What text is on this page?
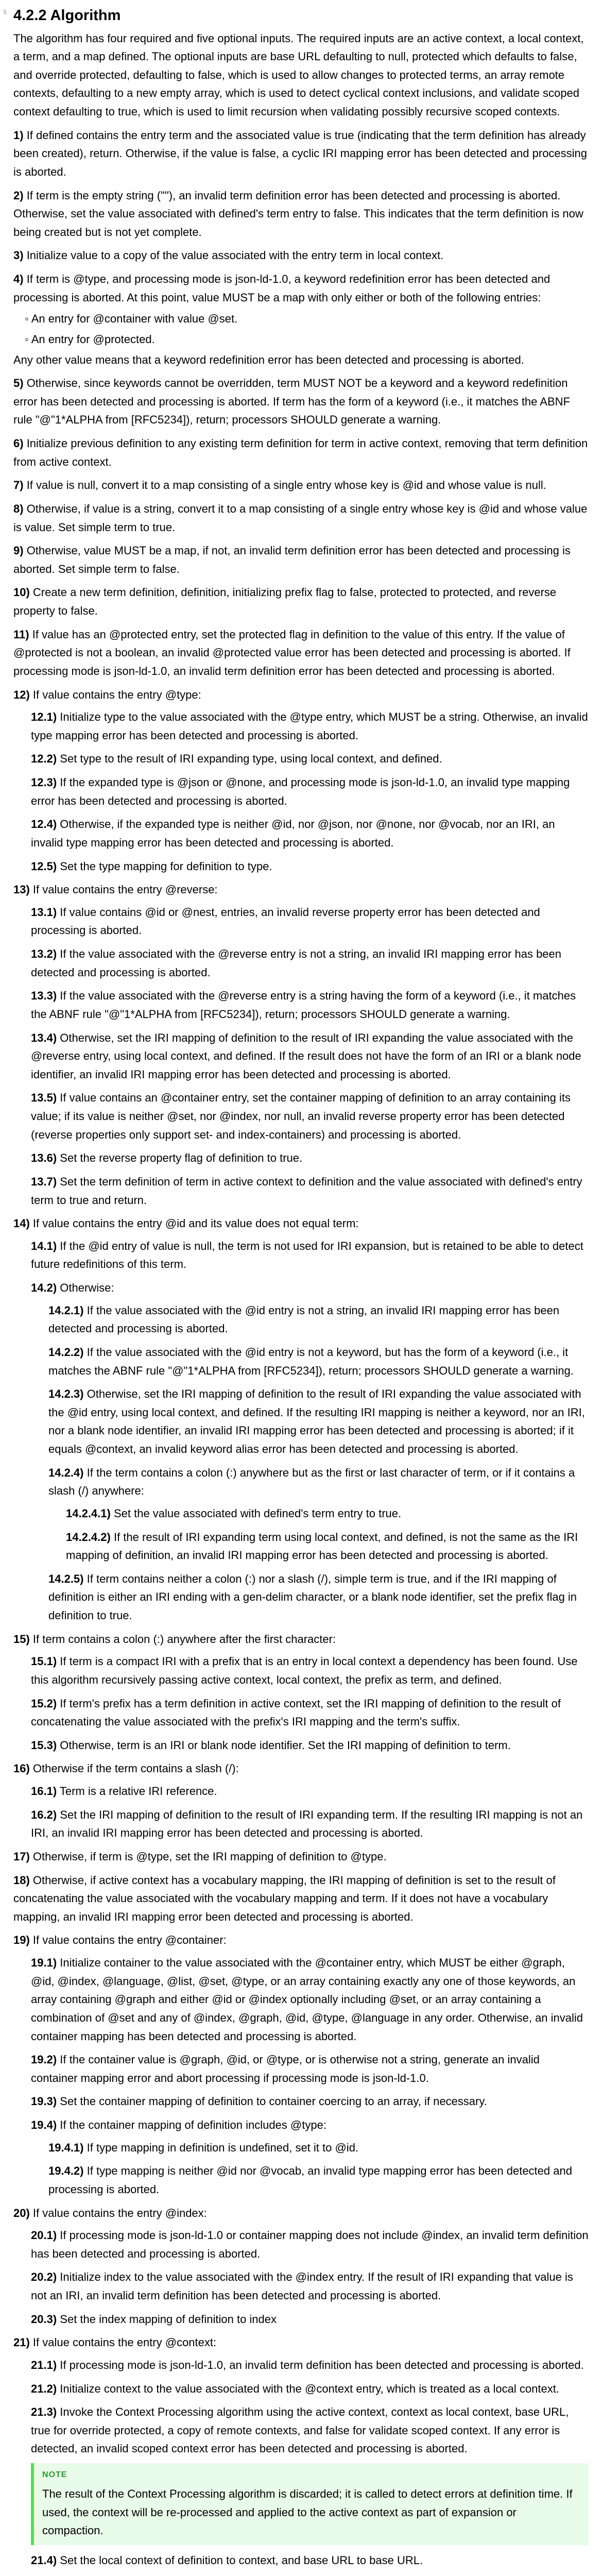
§ 4.2.2 Algorithm

The algorithm has four required and five optional inputs. The required inputs are an active context, a local context, a term, and a map defined. The optional inputs are base URL defaulting to null, protected which defaults to false, and override protected, defaulting to false, which is used to allow changes to protected terms, an array remote contexts, defaulting to a new empty array, which is used to detect cyclical context inclusions, and validate scoped context defaulting to true, which is used to limit recursion when validating possibly recursive scoped contexts.

1) If defined contains the entry term and the associated value is true (indicating that the term definition has already been created), return. Otherwise, if the value is false, a cyclic IRI mapping error has been detected and processing is aborted.
2) If term is the empty string (""), an invalid term definition error has been detected and processing is aborted. Otherwise, set the value associated with defined's term entry to false. This indicates that the term definition is now being created but is not yet complete.
3) Initialize value to a copy of the value associated with the entry term in local context.
4) If term is @type, and processing mode is json-ld-1.0, a keyword redefinition error has been detected and processing is aborted. At this point, value MUST be a map with only either or both of the following entries:
◦ An entry for @container with value @set.
◦ An entry for @protected.

Any other value means that a keyword redefinition error has been detected and processing is aborted.

5) Otherwise, since keywords cannot be overridden, term MUST NOT be a keyword and a keyword redefinition error has been detected and processing is aborted. If term has the form of a keyword (i.e., it matches the ABNF rule "@"1*ALPHA from [RFC5234]), return; processors SHOULD generate a warning.
6) Initialize previous definition to any existing term definition for term in active context, removing that term definition from active context.
7) If value is null, convert it to a map consisting of a single entry whose key is @id and whose value is null.
8) Otherwise, if value is a string, convert it to a map consisting of a single entry whose key is @id and whose value is value. Set simple term to true.
9) Otherwise, value MUST be a map, if not, an invalid term definition error has been detected and processing is aborted. Set simple term to false.
10) Create a new term definition, definition, initializing prefix flag to false, protected to protected, and reverse property to false.
11) If value has an @protected entry, set the protected flag in definition to the value of this entry. If the value of @protected is not a boolean, an invalid @protected value error has been detected and processing is aborted. If processing mode is json-ld-1.0, an invalid term definition error has been detected and processing is aborted.
12) If value contains the entry @type:
12.1) Initialize type to the value associated with the @type entry, which MUST be a string. Otherwise, an invalid type mapping error has been detected and processing is aborted.
12.2) Set type to the result of IRI expanding type, using local context, and defined.
12.3) If the expanded type is @json or @none, and processing mode is json-ld-1.0, an invalid type mapping error has been detected and processing is aborted.
12.4) Otherwise, if the expanded type is neither @id, nor @json, nor @none, nor @vocab, nor an IRI, an invalid type mapping error has been detected and processing is aborted.
12.5) Set the type mapping for definition to type.
13) If value contains the entry @reverse:
13.1) If value contains @id or @nest, entries, an invalid reverse property error has been detected and processing is aborted.
13.2) If the value associated with the @reverse entry is not a string, an invalid IRI mapping error has been detected and processing is aborted.
13.3) If the value associated with the @reverse entry is a string having the form of a keyword (i.e., it matches the ABNF rule "@"1*ALPHA from [RFC5234]), return; processors SHOULD generate a warning.
13.4) Otherwise, set the IRI mapping of definition to the result of IRI expanding the value associated with the @reverse entry, using local context, and defined. If the result does not have the form of an IRI or a blank node identifier, an invalid IRI mapping error has been detected and processing is aborted.
13.5) If value contains an @container entry, set the container mapping of definition to an array containing its value; if its value is neither @set, nor @index, nor null, an invalid reverse property error has been detected (reverse properties only support set- and index-containers) and processing is aborted.
13.6) Set the reverse property flag of definition to true.
13.7) Set the term definition of term in active context to definition and the value associated with defined's entry term to true and return.
14) If value contains the entry @id and its value does not equal term:
14.1) If the @id entry of value is null, the term is not used for IRI expansion, but is retained to be able to detect future redefinitions of this term.
14.2) Otherwise:
14.2.1) If the value associated with the @id entry is not a string, an invalid IRI mapping error has been detected and processing is aborted.
14.2.2) If the value associated with the @id entry is not a keyword, but has the form of a keyword (i.e., it matches the ABNF rule "@"1*ALPHA from [RFC5234]), return; processors SHOULD generate a warning.
14.2.3) Otherwise, set the IRI mapping of definition to the result of IRI expanding the value associated with the @id entry, using local context, and defined. If the resulting IRI mapping is neither a keyword, nor an IRI, nor a blank node identifier, an invalid IRI mapping error has been detected and processing is aborted; if it equals @context, an invalid keyword alias error has been detected and processing is aborted.
14.2.4) If the term contains a colon (:) anywhere but as the first or last character of term, or if it contains a slash (/) anywhere:
14.2.4.1) Set the value associated with defined's term entry to true.
14.2.4.2) If the result of IRI expanding term using local context, and defined, is not the same as the IRI mapping of definition, an invalid IRI mapping error has been detected and processing is aborted.
14.2.5) If term contains neither a colon (:) nor a slash (/), simple term is true, and if the IRI mapping of definition is either an IRI ending with a gen-delim character, or a blank node identifier, set the prefix flag in definition to true.
15) If term contains a colon (:) anywhere after the first character:
15.1) If term is a compact IRI with a prefix that is an entry in local context a dependency has been found. Use this algorithm recursively passing active context, local context, the prefix as term, and defined.
15.2) If term's prefix has a term definition in active context, set the IRI mapping of definition to the result of concatenating the value associated with the prefix's IRI mapping and the term's suffix.
15.3) Otherwise, term is an IRI or blank node identifier. Set the IRI mapping of definition to term.
16) Otherwise if the term contains a slash (/):
16.1) Term is a relative IRI reference.
16.2) Set the IRI mapping of definition to the result of IRI expanding term. If the resulting IRI mapping is not an IRI, an invalid IRI mapping error has been detected and processing is aborted.
17) Otherwise, if term is @type, set the IRI mapping of definition to @type.
18) Otherwise, if active context has a vocabulary mapping, the IRI mapping of definition is set to the result of concatenating the value associated with the vocabulary mapping and term. If it does not have a vocabulary mapping, an invalid IRI mapping error been detected and processing is aborted.
19) If value contains the entry @container:
19.1) Initialize container to the value associated with the @container entry, which MUST be either @graph, @id, @index, @language, @list, @set, @type, or an array containing exactly any one of those keywords, an array containing @graph and either @id or @index optionally including @set, or an array containing a combination of @set and any of @index, @graph, @id, @type, @language in any order. Otherwise, an invalid container mapping has been detected and processing is aborted.
19.2) If the container value is @graph, @id, or @type, or is otherwise not a string, generate an invalid container mapping error and abort processing if processing mode is json-ld-1.0.
19.3) Set the container mapping of definition to container coercing to an array, if necessary.
19.4) If the container mapping of definition includes @type:
19.4.1) If type mapping in definition is undefined, set it to @id.
19.4.2) If type mapping is neither @id nor @vocab, an invalid type mapping error has been detected and processing is aborted.
20) If value contains the entry @index:
20.1) If processing mode is json-ld-1.0 or container mapping does not include @index, an invalid term definition has been detected and processing is aborted.
20.2) Initialize index to the value associated with the @index entry. If the result of IRI expanding that value is not an IRI, an invalid term definition has been detected and processing is aborted.
20.3) Set the index mapping of definition to index
21) If value contains the entry @context:
21.1) If processing mode is json-ld-1.0, an invalid term definition has been detected and processing is aborted.
21.2) Initialize context to the value associated with the @context entry, which is treated as a local context.
21.3) Invoke the Context Processing algorithm using the active context, context as local context, base URL, true for override protected, a copy of remote contexts, and false for validate scoped context. If any error is detected, an invalid scoped context error has been detected and processing is aborted.
NOTE

The result of the Context Processing algorithm is discarded; it is called to detect errors at definition time. If used, the context will be re-processed and applied to the active context as part of expansion or compaction.

21.4) Set the local context of definition to context, and base URL to base URL.
